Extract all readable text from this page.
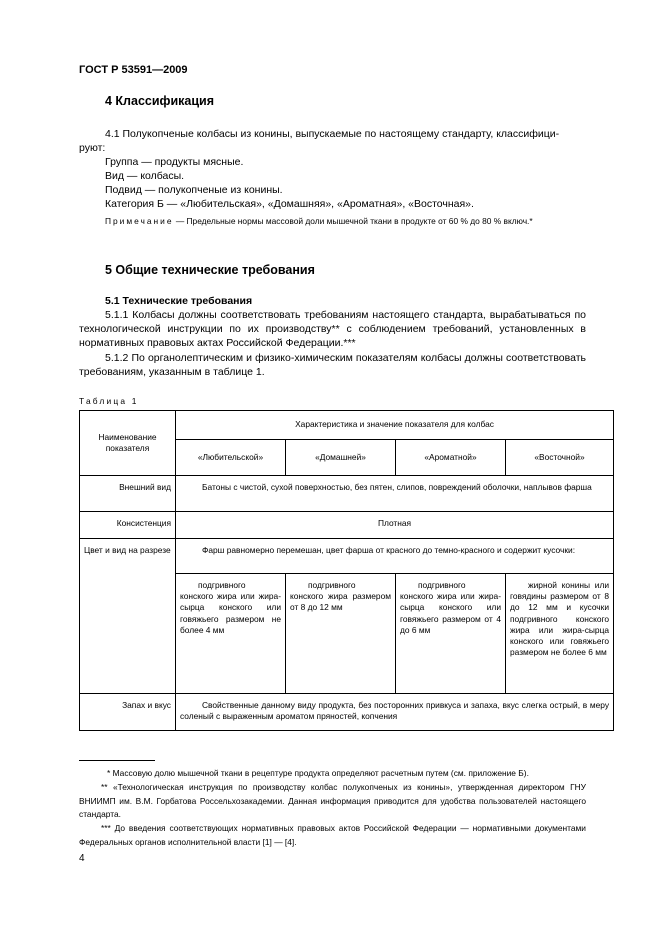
ГОСТ Р 53591—2009
4 Классификация
4.1 Полукопченые колбасы из конины, выпускаемые по настоящему стандарту, классифици-
руют:
Группа — продукты мясные.
Вид — колбасы.
Подвид — полукопченые из конины.
Категория Б — «Любительская», «Домашняя», «Ароматная», «Восточная».
Примечание — Предельные нормы массовой доли мышечной ткани в продукте от 60 % до 80 % включ.*
5 Общие технические требования
5.1 Технические требования
5.1.1 Колбасы должны соответствовать требованиям настоящего стандарта, вырабатываться по технологической инструкции по их производству** с соблюдением требований, установленных в нормативных правовых актах Российской Федерации.***
5.1.2 По органолептическим и физико-химическим показателям колбасы должны соответствовать требованиям, указанным в таблице 1.
Таблица 1
Наименование показателя	Характеристика и значение показателя для колбас			
	«Любительской»	«Домашней»	«Ароматной»	«Восточной»
Внешний вид	Батоны с чистой, сухой поверхностью, без пятен, слипов, повреждений оболочки, наплывов фарша			
Консистенция	Плотная			
Цвет и вид на разрезе	Фарш равномерно перемешан, цвет фарша от красного до темно-красного и содержит кусочки:			
	подгривного конского жира или жира-сырца конского или говяжьего размером не более 4 мм	подгривного конского жира размером от 8 до 12 мм	подгривного конского жира или жира-сырца конского или говяжьего размером от 4 до 6 мм	жирной конины или говядины размером от 8 до 12 мм и кусочки подгривного конского жира или жира-сырца конского или говяжьего размером не более 6 мм
Запах и вкус	Свойственные данному виду продукта, без посторонних привкуса и запаха, вкус слегка острый, в меру соленый с выраженным ароматом пряностей, копчения			
* Массовую долю мышечной ткани в рецептуре продукта определяют расчетным путем (см. приложение Б).
** «Технологическая инструкция по производству колбас полукопченых из конины», утвержденная директором ГНУ ВНИИМП им. В.М. Горбатова Россельхозакадемии. Данная информация приводится для удобства пользователей настоящего стандарта.
*** До введения соответствующих нормативных правовых актов Российской Федерации — нормативными документами Федеральных органов исполнительной власти [1] — [4].
4
